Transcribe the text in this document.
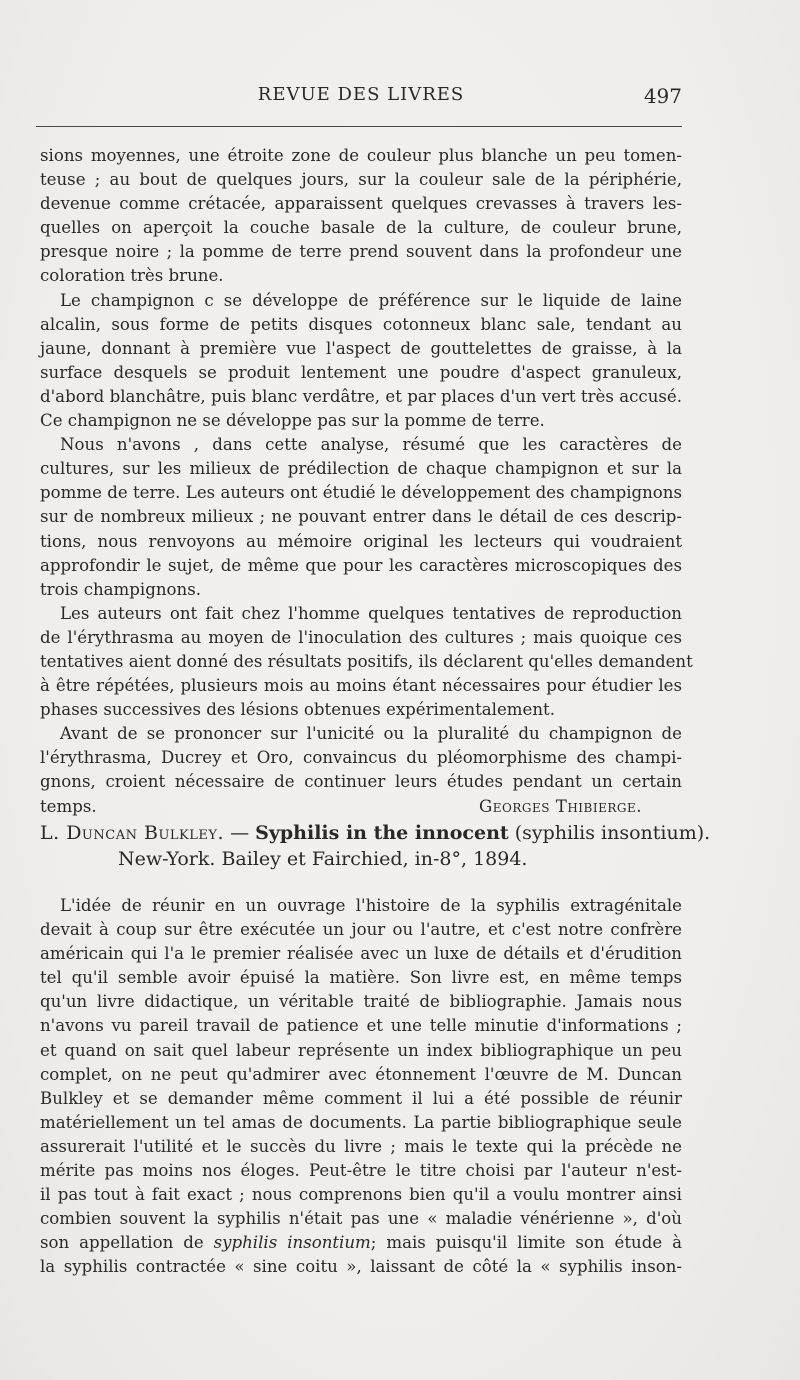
REVUE DES LIVRES	497

sions moyennes, une étroite zone de couleur plus blanche un peu tomen-
teuse ; au bout de quelques jours, sur la couleur sale de la périphérie,
devenue comme crétacée, apparaissent quelques crevasses à travers les-
quelles on aperçoit la couche basale de la culture, de couleur brune,
presque noire ; la pomme de terre prend souvent dans la profondeur une
coloration très brune.

Le champignon c se développe de préférence sur le liquide de laine
alcalin, sous forme de petits disques cotonneux blanc sale, tendant au
jaune, donnant à première vue l'aspect de gouttelettes de graisse, à la
surface desquels se produit lentement une poudre d'aspect granuleux,
d'abord blanchâtre, puis blanc verdâtre, et par places d'un vert très accusé.
Ce champignon ne se développe pas sur la pomme de terre.

Nous n'avons , dans cette analyse, résumé que les caractères de
cultures, sur les milieux de prédilection de chaque champignon et sur la
pomme de terre. Les auteurs ont étudié le développement des champignons
sur de nombreux milieux ; ne pouvant entrer dans le détail de ces descrip-
tions, nous renvoyons au mémoire original les lecteurs qui voudraient
approfondir le sujet, de même que pour les caractères microscopiques des
trois champignons.

Les auteurs ont fait chez l'homme quelques tentatives de reproduction
de l'érythrasma au moyen de l'inoculation des cultures ; mais quoique ces
tentatives aient donné des résultats positifs, ils déclarent qu'elles demandent
à être répétées, plusieurs mois au moins étant nécessaires pour étudier les
phases successives des lésions obtenues expérimentalement.

Avant de se prononcer sur l'unicité ou la pluralité du champignon de
l'érythrasma, Ducrey et Oro, convaincus du pléomorphisme des champi-
gnons, croient nécessaire de continuer leurs études pendant un certain
temps.	Georges Thibierge.

L. Duncan Bulkley. — Syphilis in the innocent (syphilis insontium).
New-York. Bailey et Fairchied, in-8°, 1894.
L'idée de réunir en un ouvrage l'histoire de la syphilis extragénitale
devait à coup sur être exécutée un jour ou l'autre, et c'est notre confrère
américain qui l'a le premier réalisée avec un luxe de détails et d'érudition
tel qu'il semble avoir épuisé la matière. Son livre est, en même temps
qu'un livre didactique, un véritable traité de bibliographie. Jamais nous
n'avons vu pareil travail de patience et une telle minutie d'informations ;
et quand on sait quel labeur représente un index bibliographique un peu
complet, on ne peut qu'admirer avec étonnement l'œuvre de M. Duncan
Bulkley et se demander même comment il lui a été possible de réunir
matériellement un tel amas de documents. La partie bibliographique seule
assurerait l'utilité et le succès du livre ; mais le texte qui la précède ne
mérite pas moins nos éloges. Peut-être le titre choisi par l'auteur n'est-
il pas tout à fait exact ; nous comprenons bien qu'il a voulu montrer ainsi
combien souvent la syphilis n'était pas une « maladie vénérienne », d'où
son appellation de syphilis insontium; mais puisqu'il limite son étude à
la syphilis contractée « sine coitu », laissant de côté la « syphilis inson-
